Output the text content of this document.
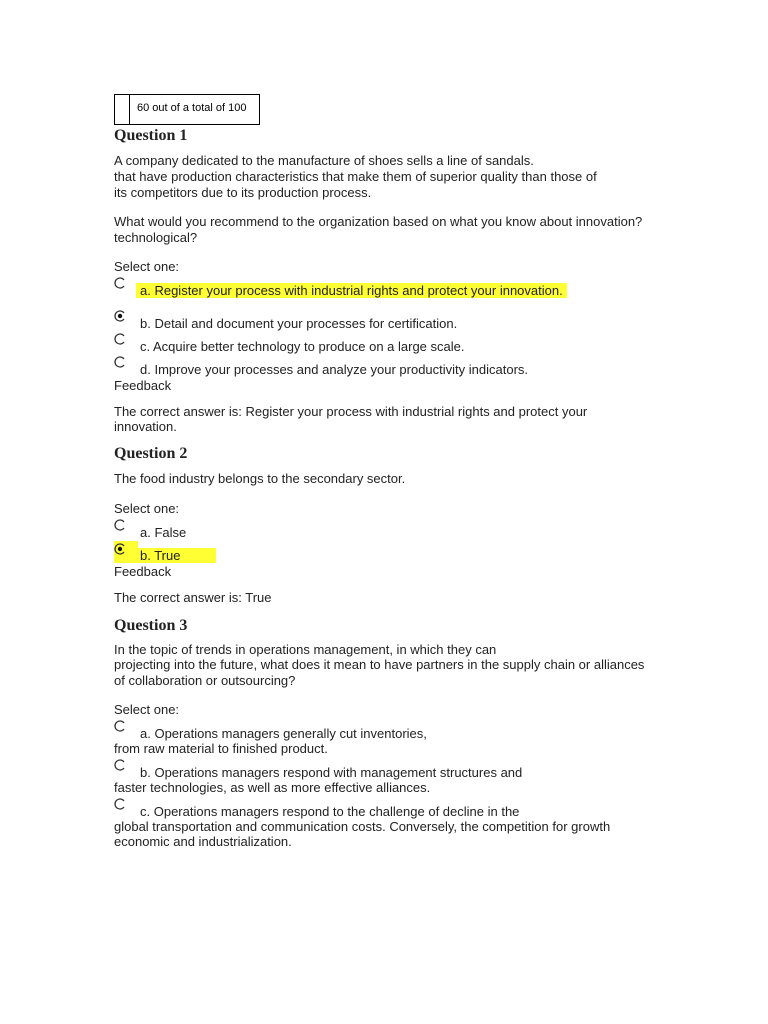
60 out of a total of 100
Question 1

A company dedicated to the manufacture of shoes sells a line of sandals.

that have production characteristics that make them of superior quality than those of

its competitors due to its production process.

What would you recommend to the organization based on what you know about innovation?

technological?

Select one:

a. Register your process with industrial rights and protect your innovation.
b. Detail and document your processes for certification.
c. Acquire better technology to produce on a large scale.
d. Improve your processes and analyze your productivity indicators.

Feedback

The correct answer is: Register your process with industrial rights and protect your

innovation.

Question 2

The food industry belongs to the secondary sector.

Select one:

a. False
b. True

Feedback

The correct answer is: True

Question 3

In the topic of trends in operations management, in which they can

projecting into the future, what does it mean to have partners in the supply chain or alliances

of collaboration or outsourcing?

Select one:

a. Operations managers generally cut inventories,

from raw material to finished product.

b. Operations managers respond with management structures and

faster technologies, as well as more effective alliances.

c. Operations managers respond to the challenge of decline in the

global transportation and communication costs. Conversely, the competition for growth

economic and industrialization.
